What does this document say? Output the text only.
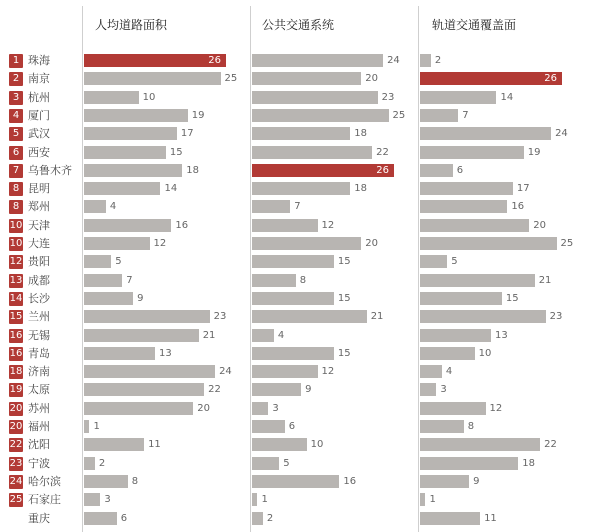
人均道路面积	公共交通系统	轨道交通覆盖面
1 珠海	26	24	2
2 南京	25	20	26
3 杭州	10	23	14
4 厦门	19	25	7
5 武汉	17	18	24
6 西安	15	22	19
7 乌鲁木齐	18	26	6
8 昆明	14	18	17
8 郑州	4	7	16
10 天津	16	12	20
10 大连	12	20	25
12 贵阳	5	15	5
13 成都	7	8	21
14 长沙	9	15	15
15 兰州	23	21	23
16 无锡	21	4	13
16 青岛	13	15	10
18 济南	24	12	4
19 太原	22	9	3
20 苏州	20	3	12
20 福州	1	6	8
22 沈阳	11	10	22
23 宁波	2	5	18
24 哈尔滨	8	16	9
25 石家庄	3	1	1
重庆	6	2	11
